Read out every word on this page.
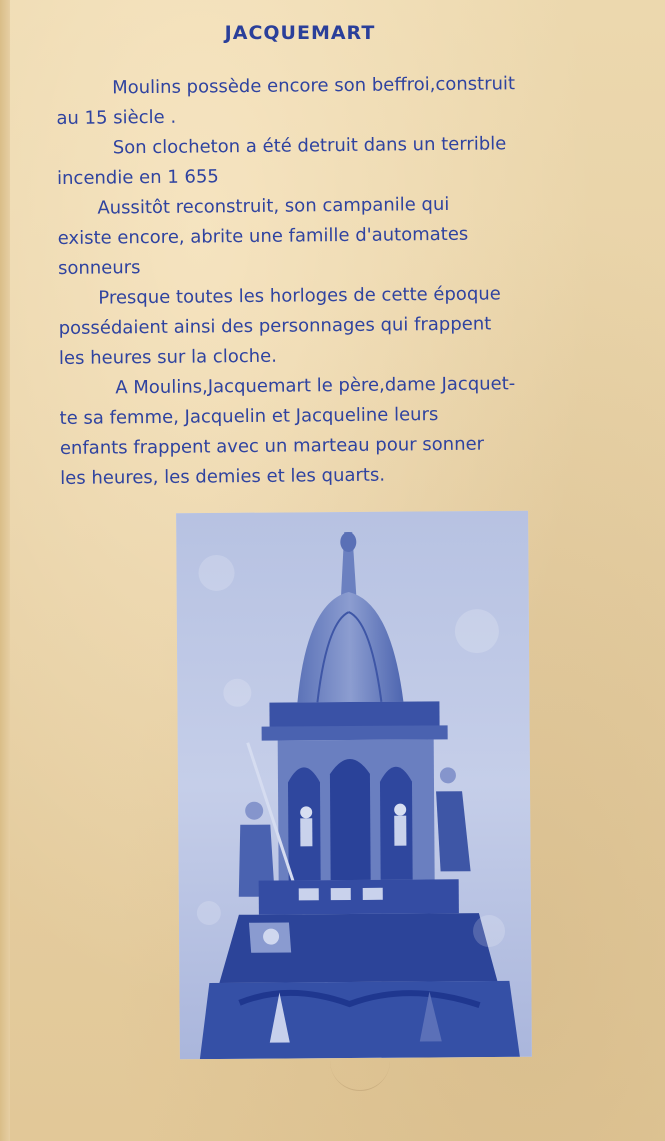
JACQUEMART

Moulins possède encore son beffroi,construit
au 15 siècle .

Son clocheton a été detruit dans un terrible
incendie en 1 655

Aussitôt reconstruit, son campanile qui
existe encore, abrite une famille d'automates
sonneurs

Presque toutes les horloges de cette époque
possédaient ainsi des personnages qui frappent
les heures sur la cloche.

A Moulins,Jacquemart le père,dame Jacquet-
te sa femme, Jacquelin et Jacqueline leurs
enfants frappent avec un marteau pour sonner
les heures, les demies et les quarts.
